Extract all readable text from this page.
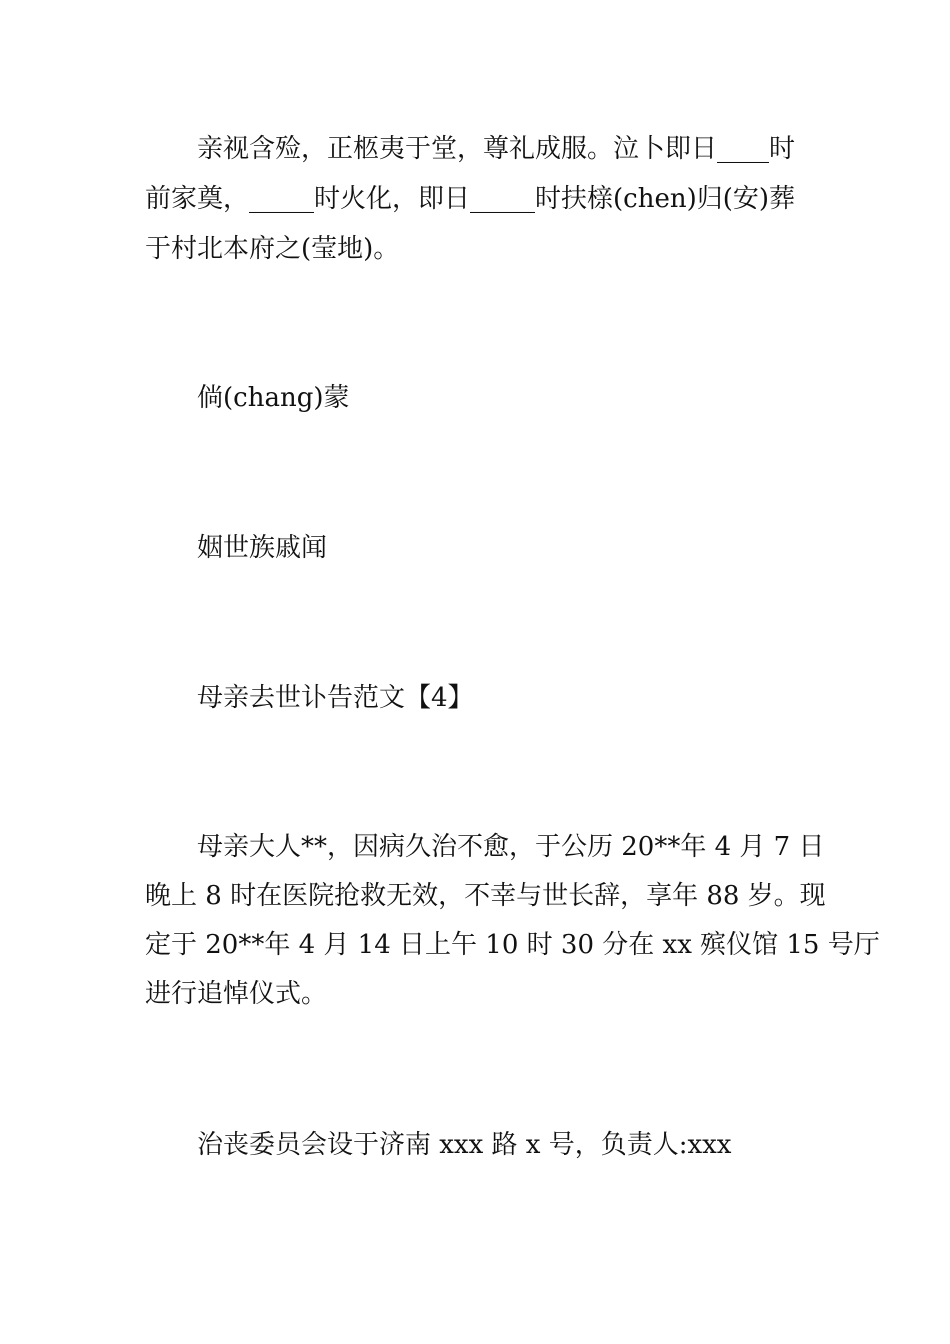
亲视含殓，正柩夷于堂，尊礼成服。泣卜即日____时

前家奠，_____时火化，即日_____时扶榇(chen)归(安)葬

于村北本府之(莹地)。

倘(chang)蒙

姻世族戚闻

母亲去世讣告范文【4】

母亲大人**，因病久治不愈，于公历 20**年 4 月 7 日

晚上 8 时在医院抢救无效，不幸与世长辞，享年 88 岁。现

定于 20**年 4 月 14 日上午 10 时 30 分在 xx 殡仪馆 15 号厅

进行追悼仪式。

治丧委员会设于济南 xxx 路 x 号，负责人:xxx
